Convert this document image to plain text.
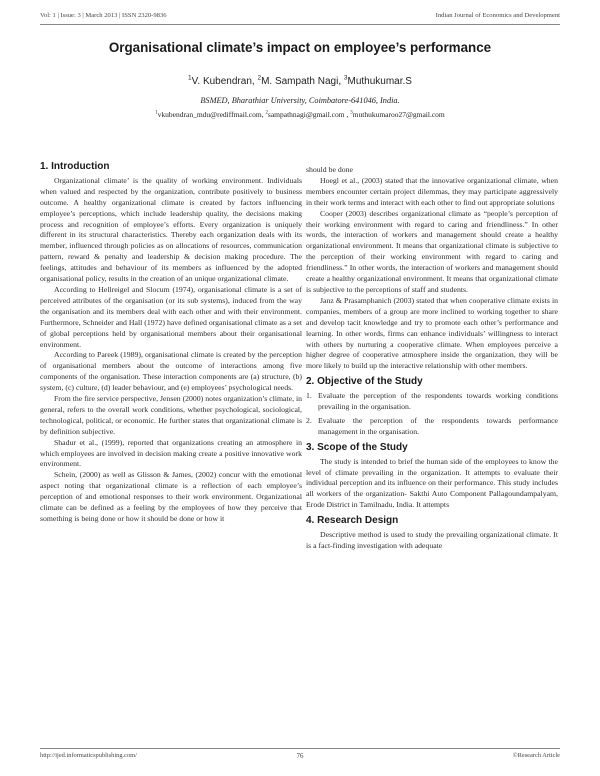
Vol: 1 | Issue: 3 | March 2013 | ISSN 2320-9836	Indian Journal of Economics and Development
Organisational climate’s impact on employee’s performance
$^1$V. Kubendran, $^2$M. Sampath Nagi, $^3$Muthukumar.S
BSMED, Bharathiar University, Coimbatore-641046, India.
$^1$vkubendran_mdu@rediffmail.com, $^2$sampathnagi@gmail.com , $^3$muthukumaroo27@gmail.com
1. Introduction

Organizational climate’ is the quality of working environment. Individuals when valued and respected by the organization, contribute positively to business outcome. A healthy organizational climate is created by factors influencing employee’s perceptions, which include leadership quality, the decisions making process and recognition of employee’s efforts. Every organization is uniquely different in its structural characteristics. Thereby each organization deals with its member, influenced through policies as on allocations of resources, communication pattern, reward & penalty and leadership & decision making procedure. The feelings, attitudes and behaviour of its members as influenced by the adopted organisational policy, results in the creation of an unique organizational climate.

According to Hellreigel and Slocum (1974), organisational climate is a set of perceived attributes of the organisation (or its sub systems), induced from the way the organisation and its members deal with each other and with their environment. Furthermore, Schneider and Hall (1972) have defined organisational climate as a set of global perceptions held by organisational members about their organisational environment.

According to Pareek (1989), organisational climate is created by the perception of organisational members about the outcome of interactions among five components of the organisation. These interaction components are (a) structure, (b) system, (c) culture, (d) leader behaviour, and (e) employees’ psychological needs.

From the fire service perspective, Jensen (2000) notes organization’s climate, in general, refers to the overall work conditions, whether psychological, sociological, technological, political, or economic. He further states that organizational climate is by definition subjective.

Shadur et al., (1999), reported that organizations creating an atmosphere in which employees are involved in decision making create a positive innovative work environment.

Schein, (2000) as well as Glisson & James, (2002) concur with the emotional aspect noting that organizational climate is a reflection of each employee’s perception of and emotional responses to their work environment. Organizational climate can be defined as a feeling by the employees of how they perceive that something is being done or how it should be done or how it

should be done

Hoegl et al., (2003) stated that the innovative organizational climate, when members encounter certain project dilemmas, they may participate aggressively in their work terms and interact with each other to find out appropriate solutions

Cooper (2003) describes organizational climate as “people’s perception of their working environment with regard to caring and friendliness.” In other words, the interaction of workers and management should create a healthy organizational environment. It means that organizational climate is subjective to the perception of their working environment with regard to caring and friendliness.” In other words, the interaction of workers and management should create a healthy organizational environment. It means that organizational climate is subjective to the perceptions of staff and students.

Janz & Prasamphanich (2003) stated that when cooperative climate exists in companies, members of a group are more inclined to working together to share and develop tacit knowledge and try to promote each other’s performance and learning. In other words, firms can enhance individuals’ willingness to interact with others by nurturing a cooperative climate. When employees perceive a higher degree of cooperative atmosphere inside the organization, they will be more likely to build up the interactive relationship with other members.

2. Objective of the Study
1. Evaluate the perception of the respondents towards working conditions prevailing in the organisation.
2. Evaluate the perception of the respondents towards performance management in the organisation.
3. Scope of the Study

The study is intended to brief the human side of the employees to know the level of climate prevailing in the organization. It attempts to evaluate their individual perception and its influence on their performance. This study includes all workers of the organization- Sakthi Auto Component Pallagoundampalyam, Erode District in Tamilnadu, India. It attempts

4. Research Design

Descriptive method is used to study the prevailing organizational climate. It is a fact-finding investigation with adequate

http://ijed.informaticspublishing.com/	76	©Research Article
